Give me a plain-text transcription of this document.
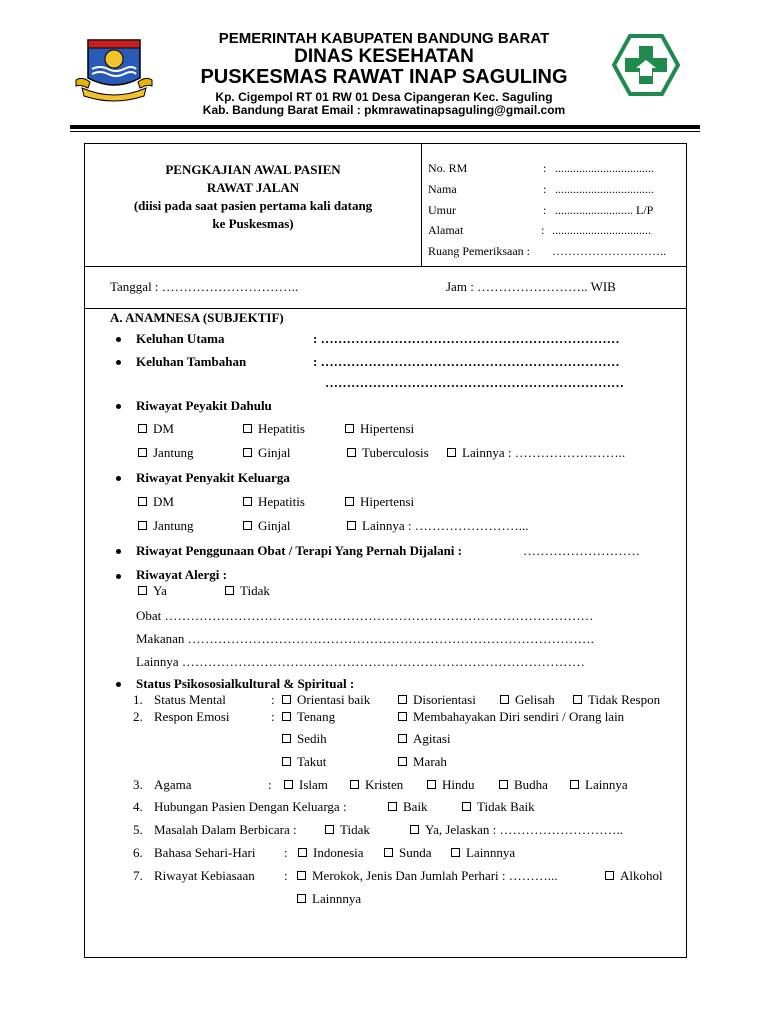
PEMERINTAH KABUPATEN BANDUNG BARAT
DINAS KESEHATAN
PUSKESMAS RAWAT INAP SAGULING
Kp. Cigempol RT 01 RW 01 Desa Cipangeran Kec. Saguling
Kab. Bandung Barat Email : pkmrawatinapsaguling@gmail.com
PENGKAJIAN AWAL PASIEN
RAWAT JALAN
(diisi pada saat pasien pertama kali datang
ke Puskesmas)
No. RM	: .................................
Nama	: .................................
Umur	: .......................... L/P
Alamat	: .................................
Ruang Pemeriksaan : ………………………..
Tanggal : …………………………..	Jam : …………………….. WIB
A. ANAMNESA (SUBJEKTIF)
Keluhan Utama	: ……………………………………………………………
Keluhan Tambahan	: ……………………………………………………………
……………………………………………………………
Riwayat Peyakit Dahulu
DM	Hepatitis	Hipertensi
Jantung	Ginjal	Tuberculosis	Lainnya : ……………………..
Riwayat Penyakit Keluarga
DM	Hepatitis	Hipertensi
Jantung	Ginjal	Lainnya : ……………………...
Riwayat Penggunaan Obat / Terapi Yang Pernah Dijalani :	………………………
Riwayat Alergi :
Ya	Tidak
Obat ………………………………………………………………………………………
Makanan ………………………………………………………………………………….
Lainnya …………………………………………………………………………………
Status Psikososialkultural & Spiritual :
1. Status Mental	:	Orientasi baik	Disorientasi	Gelisah	Tidak Respon
2. Respon Emosi	:	Tenang	Membahayakan Diri sendiri / Orang lain
Sedih	Agitasi
Takut	Marah
3. Agama	:	Islam	Kristen	Hindu	Budha	Lainnya
4. Hubungan Pasien Dengan Keluarga :	Baik	Tidak Baik
5. Masalah Dalam Berbicara :	Tidak	Ya, Jelaskan : ………………………..
6. Bahasa Sehari-Hari :	Indonesia	Sunda	Lainnnya
7. Riwayat Kebiasaan :	Merokok, Jenis Dan Jumlah Perhari : ………...	Alkohol
Lainnnya
